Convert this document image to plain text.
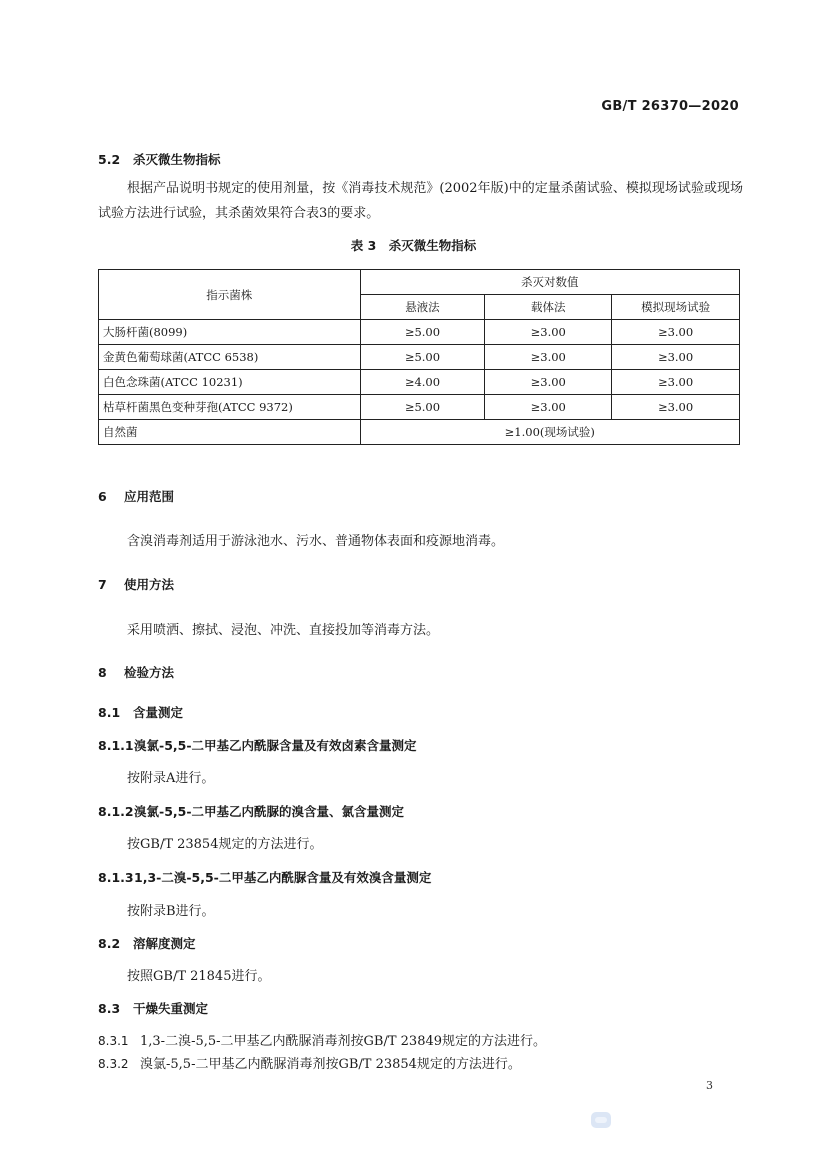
GB/T 26370—2020
5.2 杀灭微生物指标
根据产品说明书规定的使用剂量，按《消毒技术规范》(2002年版)中的定量杀菌试验、模拟现场试验或现场试验方法进行试验，其杀菌效果符合表3的要求。
表 3　杀灭微生物指标
指示菌株	杀灭对数值		
	悬液法	载体法	模拟现场试验
大肠杆菌(8099)	≥5.00	≥3.00	≥3.00
金黄色葡萄球菌(ATCC 6538)	≥5.00	≥3.00	≥3.00
白色念珠菌(ATCC 10231)	≥4.00	≥3.00	≥3.00
枯草杆菌黑色变种芽孢(ATCC 9372)	≥5.00	≥3.00	≥3.00
自然菌	≥1.00(现场试验)		
6 应用范围
含溴消毒剂适用于游泳池水、污水、普通物体表面和疫源地消毒。
7 使用方法
采用喷洒、擦拭、浸泡、冲洗、直接投加等消毒方法。
8 检验方法
8.1 含量测定
8.1.1溴氯-5,5-二甲基乙内酰脲含量及有效卤素含量测定
按附录A进行。
8.1.2溴氯-5,5-二甲基乙内酰脲的溴含量、氯含量测定
按GB/T 23854规定的方法进行。
8.1.31,3-二溴-5,5-二甲基乙内酰脲含量及有效溴含量测定
按附录B进行。
8.2 溶解度测定
按照GB/T 21845进行。
8.3 干燥失重测定
8.3.1 1,3-二溴-5,5-二甲基乙内酰脲消毒剂按GB/T 23849规定的方法进行。
8.3.2 溴氯-5,5-二甲基乙内酰脲消毒剂按GB/T 23854规定的方法进行。
3
